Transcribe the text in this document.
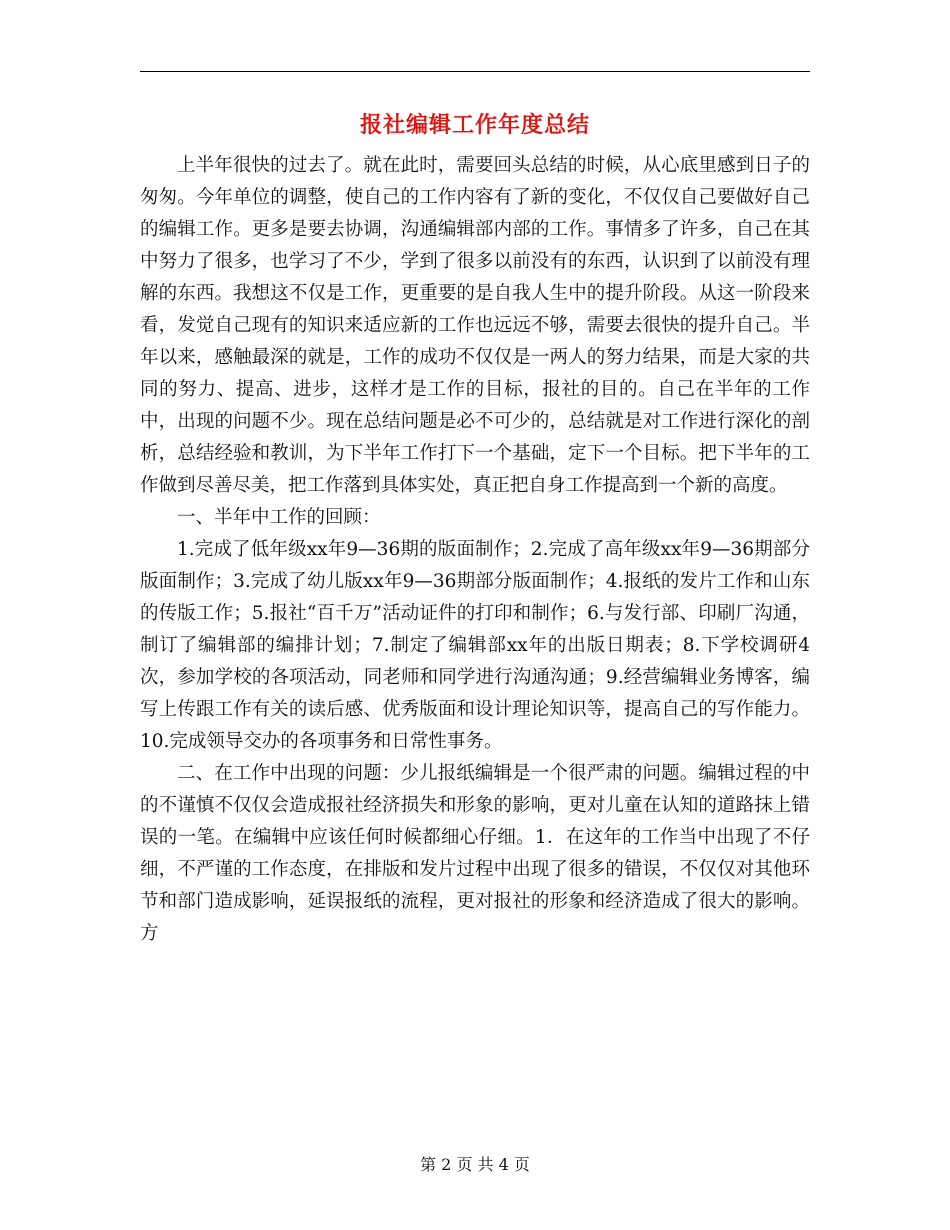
报社编辑工作年度总结

上半年很快的过去了。就在此时，需要回头总结的时候，从心底里感到日子的匆匆。今年单位的调整，使自己的工作内容有了新的变化，不仅仅自己要做好自己的编辑工作。更多是要去协调，沟通编辑部内部的工作。事情多了许多，自己在其中努力了很多，也学习了不少，学到了很多以前没有的东西，认识到了以前没有理解的东西。我想这不仅是工作，更重要的是自我人生中的提升阶段。从这一阶段来看，发觉自己现有的知识来适应新的工作也远远不够，需要去很快的提升自己。半年以来，感触最深的就是，工作的成功不仅仅是一两人的努力结果，而是大家的共同的努力、提高、进步，这样才是工作的目标，报社的目的。自己在半年的工作中，出现的问题不少。现在总结问题是必不可少的，总结就是对工作进行深化的剖析，总结经验和教训，为下半年工作打下一个基础，定下一个目标。把下半年的工作做到尽善尽美，把工作落到具体实处，真正把自身工作提高到一个新的高度。

一、半年中工作的回顾：

1.完成了低年级xx年9—36期的版面制作；2.完成了高年级xx年9—36期部分版面制作；3.完成了幼儿版xx年9—36期部分版面制作；4.报纸的发片工作和山东的传版工作；5.报社“百千万”活动证件的打印和制作；6.与发行部、印刷厂沟通，制订了编辑部的编排计划；7.制定了编辑部xx年的出版日期表；8.下学校调研4次，参加学校的各项活动，同老师和同学进行沟通沟通；9.经营编辑业务博客，编写上传跟工作有关的读后感、优秀版面和设计理论知识等，提高自己的写作能力。10.完成领导交办的各项事务和日常性事务。

二、在工作中出现的问题：少儿报纸编辑是一个很严肃的问题。编辑过程的中的不谨慎不仅仅会造成报社经济损失和形象的影响，更对儿童在认知的道路抹上错误的一笔。在编辑中应该任何时候都细心仔细。1．在这年的工作当中出现了不仔细，不严谨的工作态度，在排版和发片过程中出现了很多的错误，不仅仅对其他环节和部门造成影响，延误报纸的流程，更对报社的形象和经济造成了很大的影响。方

第 2 页 共 4 页
